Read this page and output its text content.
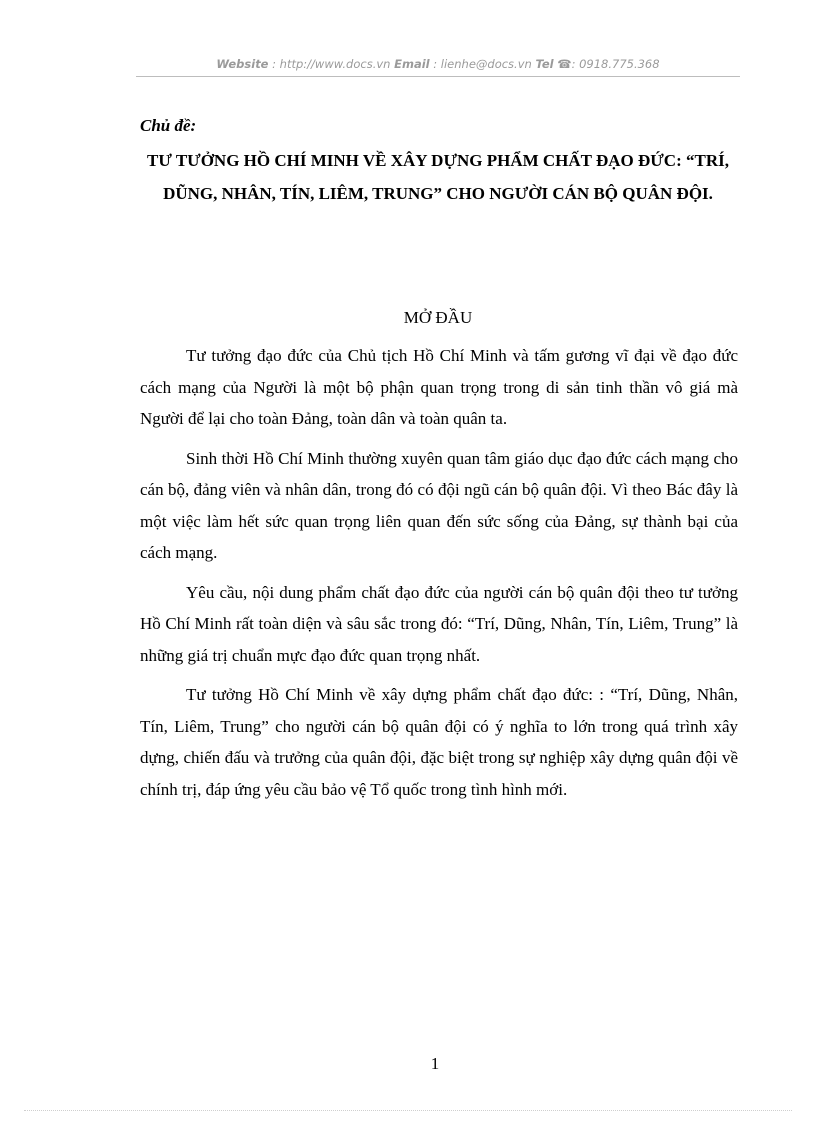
Website : http://www.docs.vn Email : lienhe@docs.vn Tel ☎: 0918.775.368
Chủ đề:
TƯ TƯỞNG HỒ CHÍ MINH VỀ XÂY DỰNG PHẨM CHẤT ĐẠO ĐỨC: “TRÍ, DŨNG, NHÂN, TÍN, LIÊM, TRUNG” CHO NGƯỜI CÁN BỘ QUÂN ĐỘI.
MỞ ĐẦU

Tư tưởng đạo đức của Chủ tịch Hồ Chí Minh và tấm gương vĩ đại về đạo đức cách mạng của Người là một bộ phận quan trọng trong di sản tinh thần vô giá mà Người để lại cho toàn Đảng, toàn dân và toàn quân ta.

Sinh thời Hồ Chí Minh thường xuyên quan tâm giáo dục đạo đức cách mạng cho cán bộ, đảng viên và nhân dân, trong đó có đội ngũ cán bộ quân đội. Vì theo Bác đây là một việc làm hết sức quan trọng liên quan đến sức sống của Đảng, sự thành bại của cách mạng.

Yêu cầu, nội dung phẩm chất đạo đức của người cán bộ quân đội theo tư tưởng Hồ Chí Minh rất toàn diện và sâu sắc trong đó: “Trí, Dũng, Nhân, Tín, Liêm, Trung” là những giá trị chuẩn mực đạo đức quan trọng nhất.

Tư tưởng Hồ Chí Minh về xây dựng phẩm chất đạo đức: : “Trí, Dũng, Nhân, Tín, Liêm, Trung” cho người cán bộ quân đội có ý nghĩa to lớn trong quá trình xây dựng, chiến đấu và trưởng của quân đội, đặc biệt trong sự nghiệp xây dựng quân đội về chính trị, đáp ứng yêu cầu bảo vệ Tổ quốc trong tình hình mới.

1
